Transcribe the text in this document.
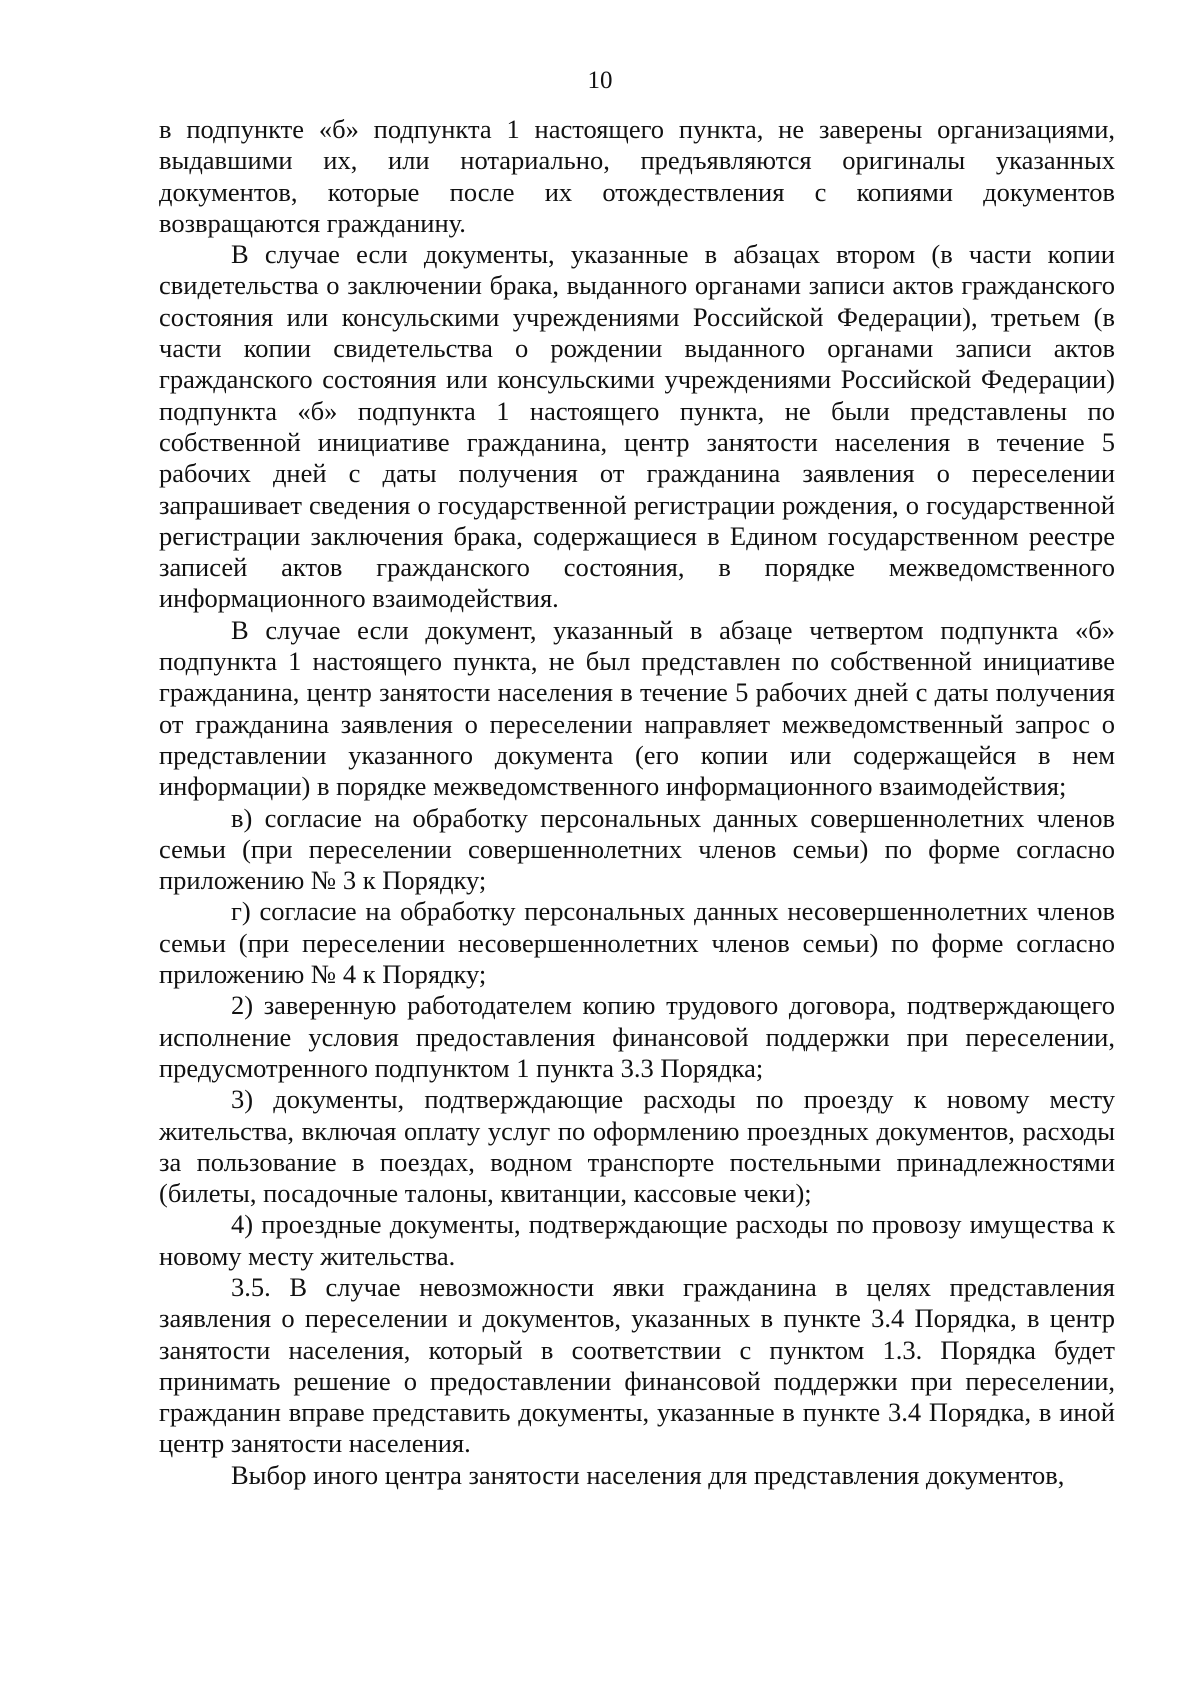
10

в подпункте «б» подпункта 1 настоящего пункта, не заверены организациями, выдавшими их, или нотариально, предъявляются оригиналы указанных документов, которые после их отождествления с копиями документов возвращаются гражданину.

В случае если документы, указанные в абзацах втором (в части копии свидетельства о заключении брака, выданного органами записи актов гражданского состояния или консульскими учреждениями Российской Федерации), третьем (в части копии свидетельства о рождении выданного органами записи актов гражданского состояния или консульскими учреждениями Российской Федерации) подпункта «б» подпункта 1 настоящего пункта, не были представлены по собственной инициативе гражданина, центр занятости населения в течение 5 рабочих дней с даты получения от гражданина заявления о переселении запрашивает сведения о государственной регистрации рождения, о государственной регистрации заключения брака, содержащиеся в Едином государственном реестре записей актов гражданского состояния, в порядке межведомственного информационного взаимодействия.

В случае если документ, указанный в абзаце четвертом подпункта «б» подпункта 1 настоящего пункта, не был представлен по собственной инициативе гражданина, центр занятости населения в течение 5 рабочих дней с даты получения от гражданина заявления о переселении направляет межведомственный запрос о представлении указанного документа (его копии или содержащейся в нем информации) в порядке межведомственного информационного взаимодействия;

в) согласие на обработку персональных данных совершеннолетних членов семьи (при переселении совершеннолетних членов семьи) по форме согласно приложению № 3 к Порядку;

г) согласие на обработку персональных данных несовершеннолетних членов семьи (при переселении несовершеннолетних членов семьи) по форме согласно приложению № 4 к Порядку;

2) заверенную работодателем копию трудового договора, подтверждающего исполнение условия предоставления финансовой поддержки при переселении, предусмотренного подпунктом 1 пункта 3.3 Порядка;

3) документы, подтверждающие расходы по проезду к новому месту жительства, включая оплату услуг по оформлению проездных документов, расходы за пользование в поездах, водном транспорте постельными принадлежностями (билеты, посадочные талоны, квитанции, кассовые чеки);

4) проездные документы, подтверждающие расходы по провозу имущества к новому месту жительства.

3.5. В случае невозможности явки гражданина в целях представления заявления о переселении и документов, указанных в пункте 3.4 Порядка, в центр занятости населения, который в соответствии с пунктом 1.3. Порядка будет принимать решение о предоставлении финансовой поддержки при переселении, гражданин вправе представить документы, указанные в пункте 3.4 Порядка, в иной центр занятости населения.

Выбор иного центра занятости населения для представления документов,
